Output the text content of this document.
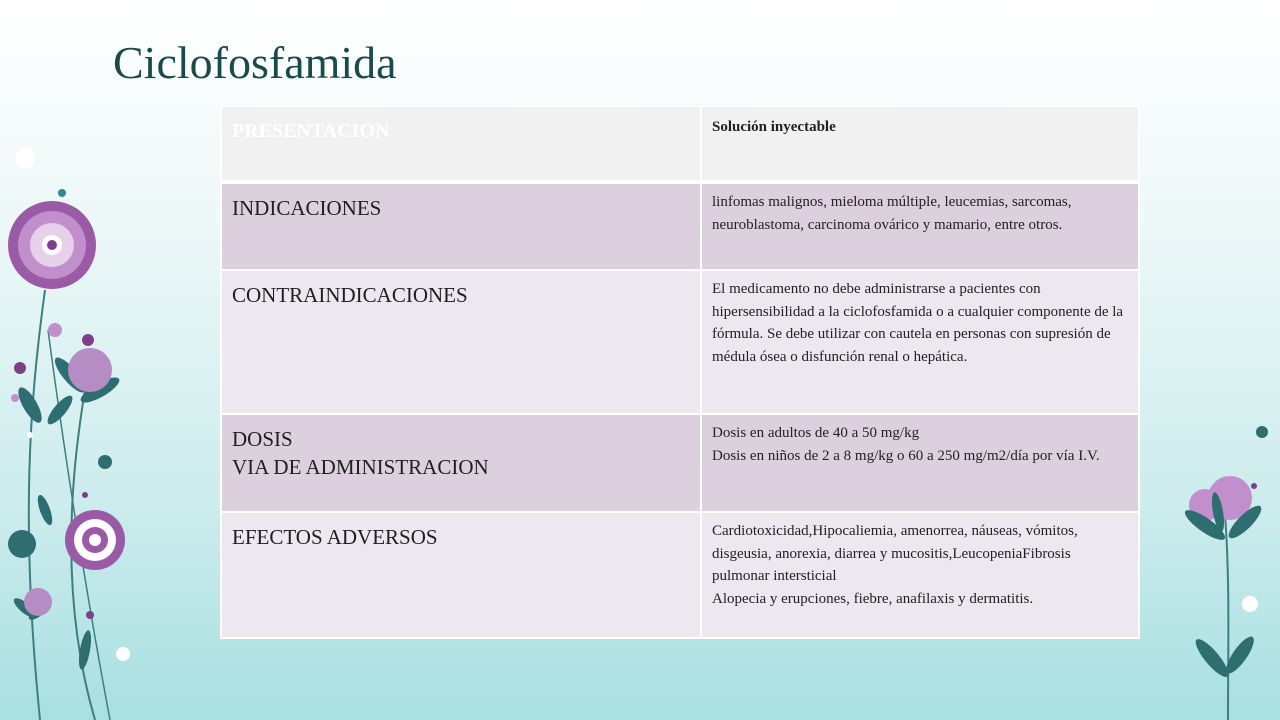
Ciclofosfamida
PRESENTACION	Solución inyectable

INDICACIONES	linfomas malignos, mieloma múltiple, leucemias, sarcomas, neuroblastoma, carcinoma ovárico y mamario, entre otros.

CONTRAINDICACIONES	El medicamento no debe administrarse a pacientes con hipersensibilidad a la ciclofosfamida o a cualquier componente de la fórmula. Se debe utilizar con cautela en personas con supresión de médula ósea o disfunción renal o hepática.

DOSIS
VIA DE ADMINISTRACION	Dosis en adultos de 40 a 50 mg/kg
Dosis en niños de 2 a 8 mg/kg o 60 a 250 mg/m2/día por vía I.V.

EFECTOS ADVERSOS	Cardiotoxicidad,Hipocaliemia, amenorrea, náuseas, vómitos, disgeusia, anorexia, diarrea y mucositis,LeucopeniaFibrosis pulmonar intersticial
Alopecia y erupciones, fiebre, anafilaxis y dermatitis.
